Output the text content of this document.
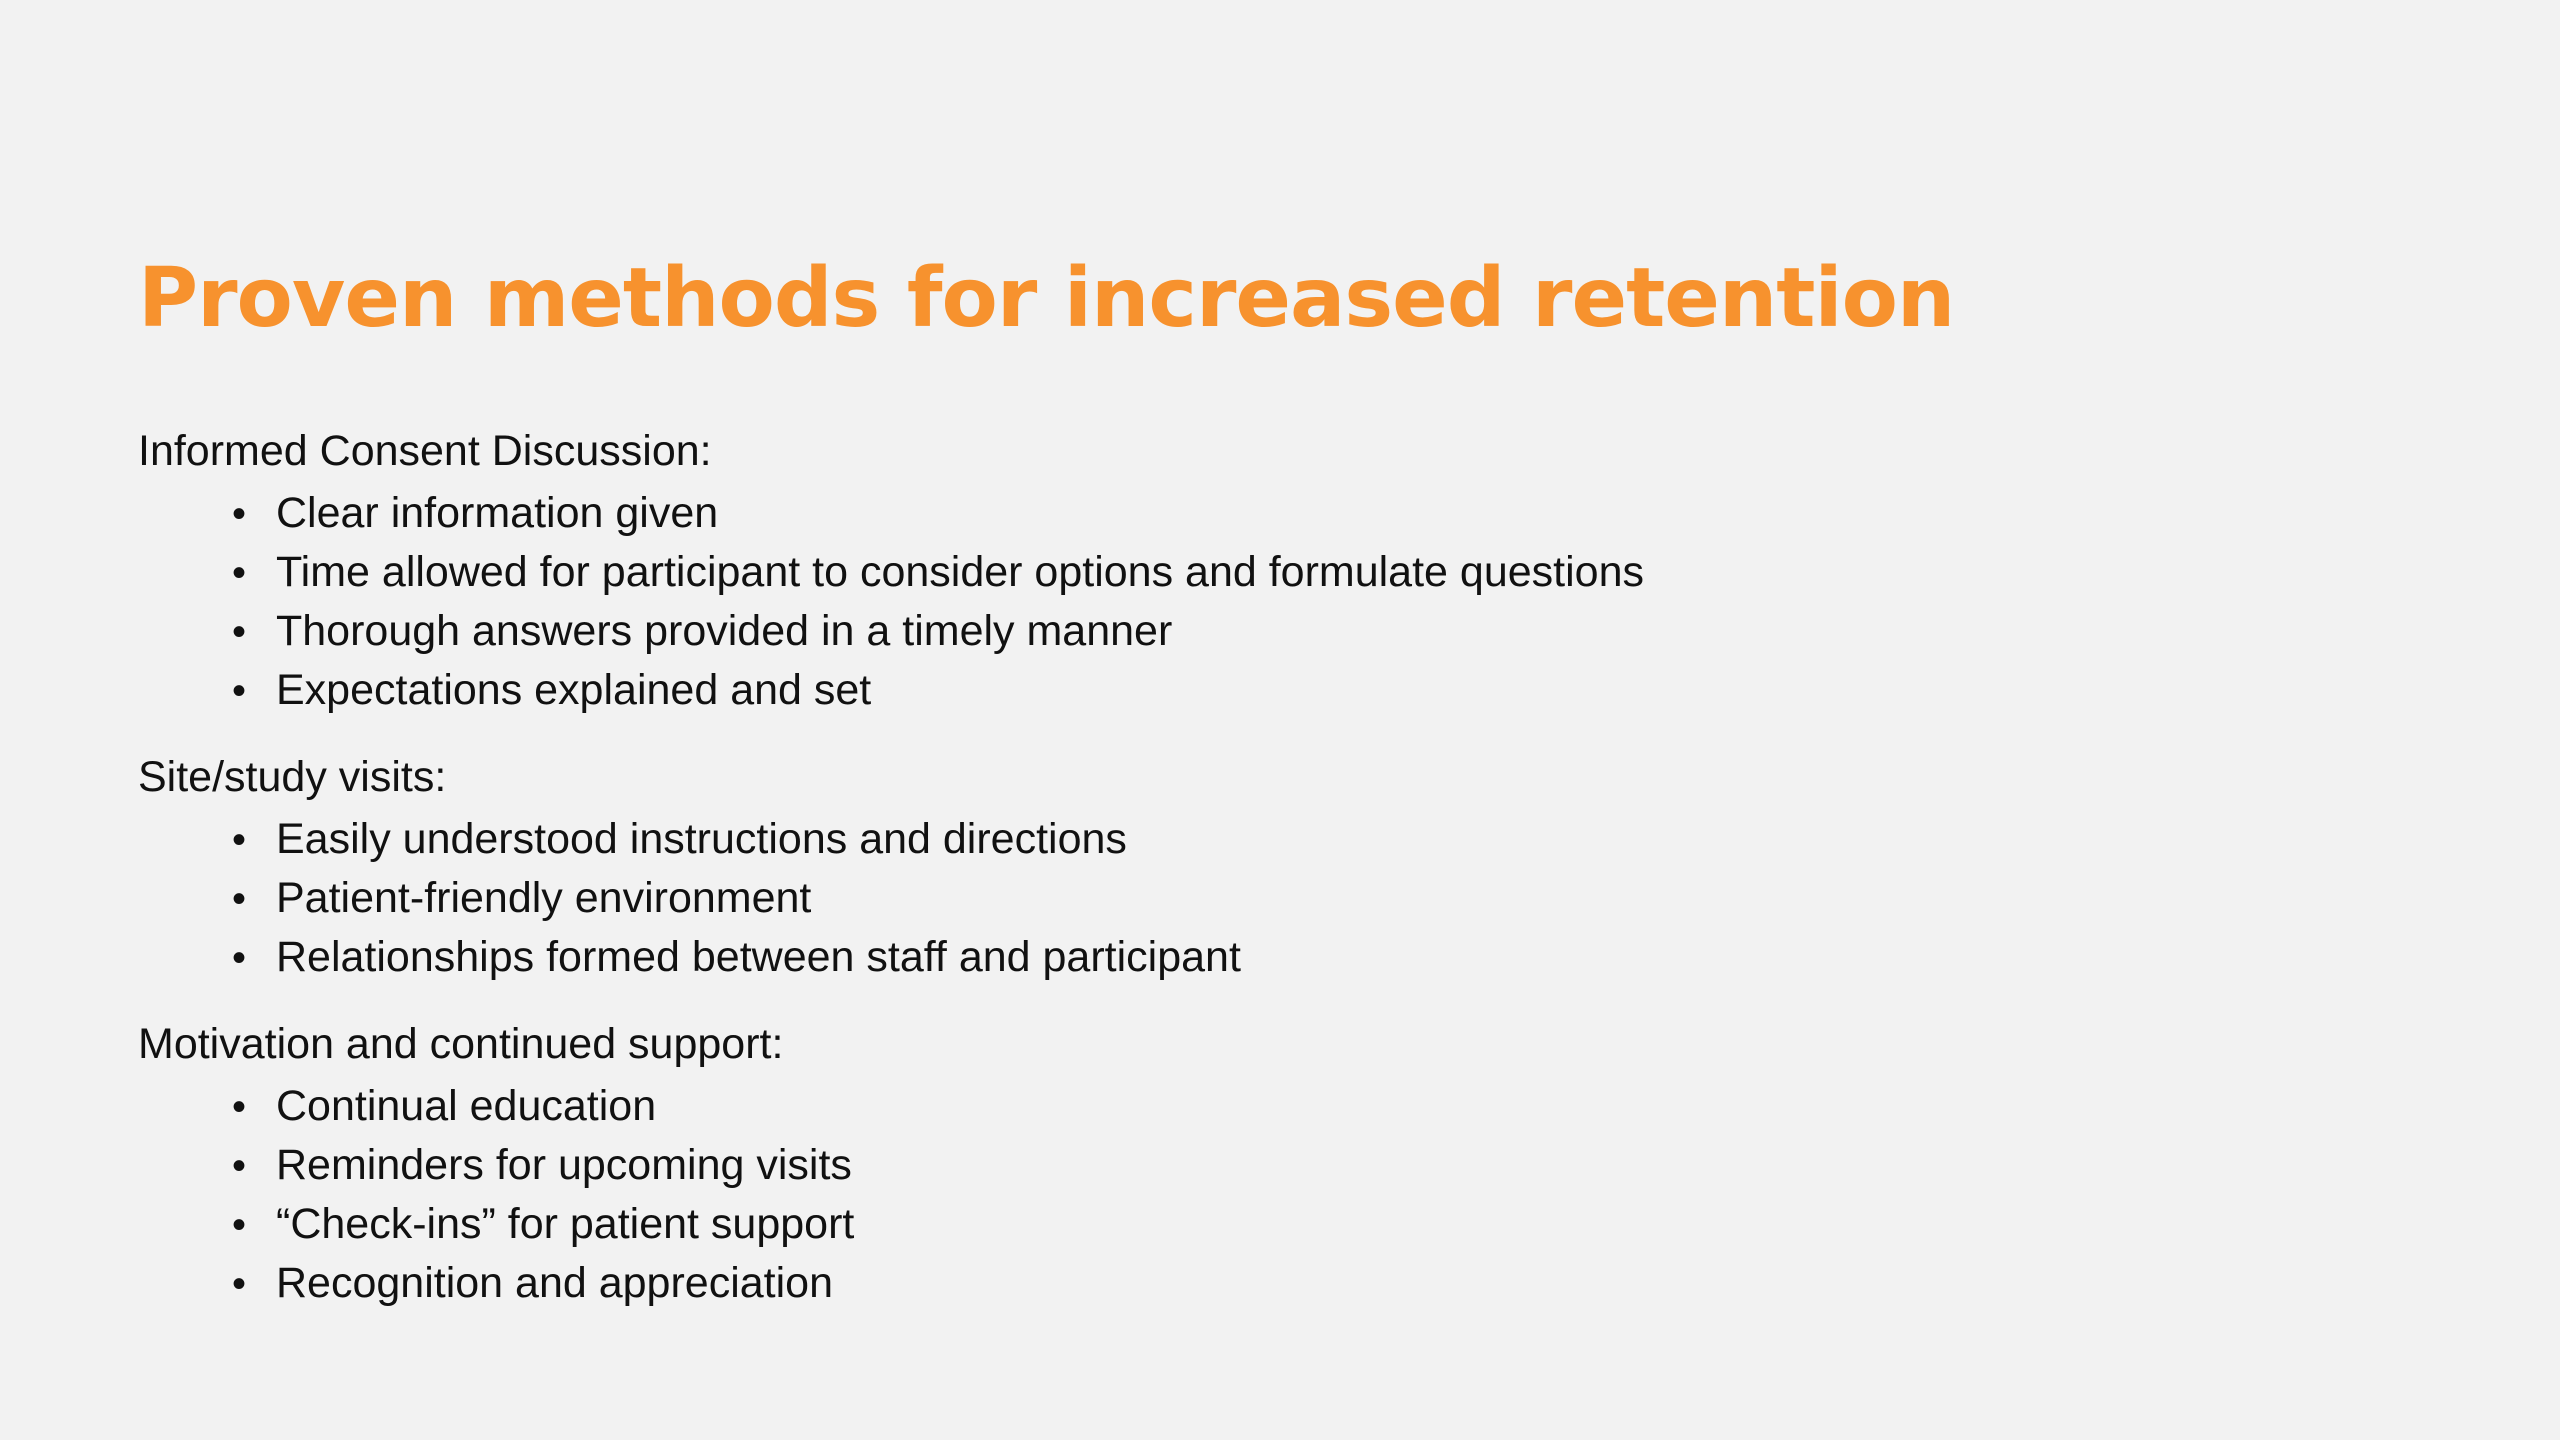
Proven methods for increased retention
Informed Consent Discussion:
• Clear information given
• Time allowed for participant to consider options and formulate questions
• Thorough answers provided in a timely manner
• Expectations explained and set
Site/study visits:
• Easily understood instructions and directions
• Patient-friendly environment
• Relationships formed between staff and participant
Motivation and continued support:
• Continual education
• Reminders for upcoming visits
• “Check-ins” for patient support
• Recognition and appreciation
